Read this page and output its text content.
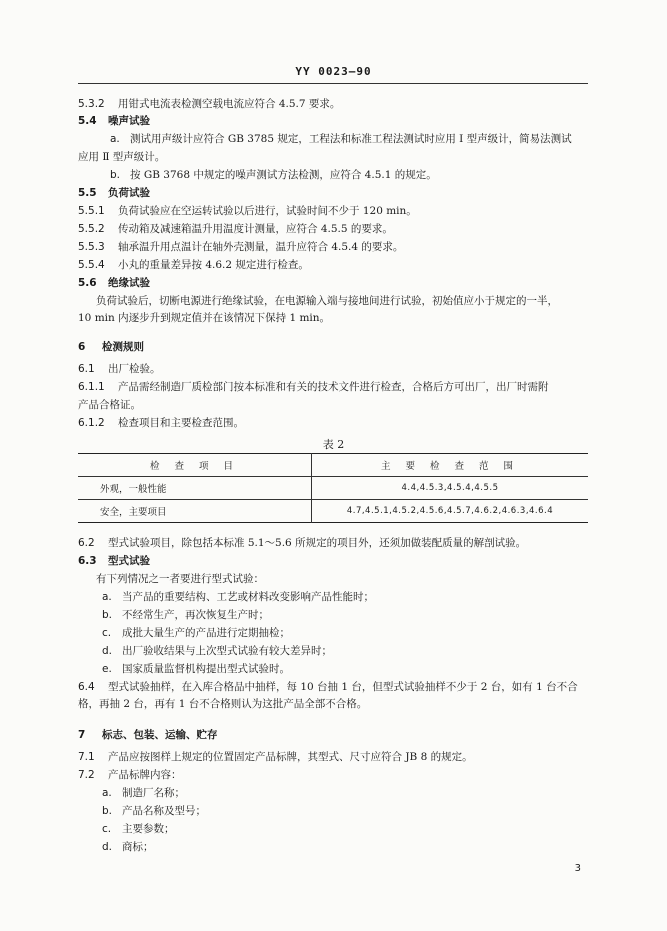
YY 0023—90
5.3.2 用钳式电流表检测空载电流应符合 4.5.7 要求。
5.4 噪声试验
a. 测试用声级计应符合 GB 3785 规定，工程法和标准工程法测试时应用 Ⅰ 型声级计，简易法测试
应用 Ⅱ 型声级计。
b. 按 GB 3768 中规定的噪声测试方法检测，应符合 4.5.1 的规定。
5.5 负荷试验
5.5.1 负荷试验应在空运转试验以后进行，试验时间不少于 120 min。
5.5.2 传动箱及减速箱温升用温度计测量，应符合 4.5.5 的要求。
5.5.3 轴承温升用点温计在轴外壳测量，温升应符合 4.5.4 的要求。
5.5.4 小丸的重量差异按 4.6.2 规定进行检查。
5.6 绝缘试验
负荷试验后，切断电源进行绝缘试验，在电源输入端与接地间进行试验，初始值应小于规定的一半，
10 min 内逐步升到规定值并在该情况下保持 1 min。
6 检测规则
6.1 出厂检验。
6.1.1 产品需经制造厂质检部门按本标准和有关的技术文件进行检查，合格后方可出厂，出厂时需附
产品合格证。
6.1.2 检查项目和主要检查范围。
6.2 型式试验项目，除包括本标准 5.1～5.6 所规定的项目外，还须加做装配质量的解剖试验。
6.3 型式试验
有下列情况之一者要进行型式试验：
a. 当产品的重要结构、工艺或材料改变影响产品性能时；
b. 不经常生产，再次恢复生产时；
c. 成批大量生产的产品进行定期抽检；
d. 出厂验收结果与上次型式试验有较大差异时；
e. 国家质量监督机构提出型式试验时。
6.4 型式试验抽样，在入库合格品中抽样，每 10 台抽 1 台，但型式试验抽样不少于 2 台，如有 1 台不合
格，再抽 2 台，再有 1 台不合格则认为这批产品全部不合格。
7 标志、包装、运输、贮存
7.1 产品应按图样上规定的位置固定产品标牌，其型式、尺寸应符合 JB 8 的规定。
7.2 产品标牌内容：
a. 制造厂名称；
b. 产品名称及型号；
c. 主要参数；
d. 商标；
表 2
检 查 项 目	主 要 检 查 范 围
外观，一般性能	4.4,4.5.3,4.5.4,4.5.5
安全，主要项目	4.7,4.5.1,4.5.2,4.5.6,4.5.7,4.6.2,4.6.3,4.6.4
3
